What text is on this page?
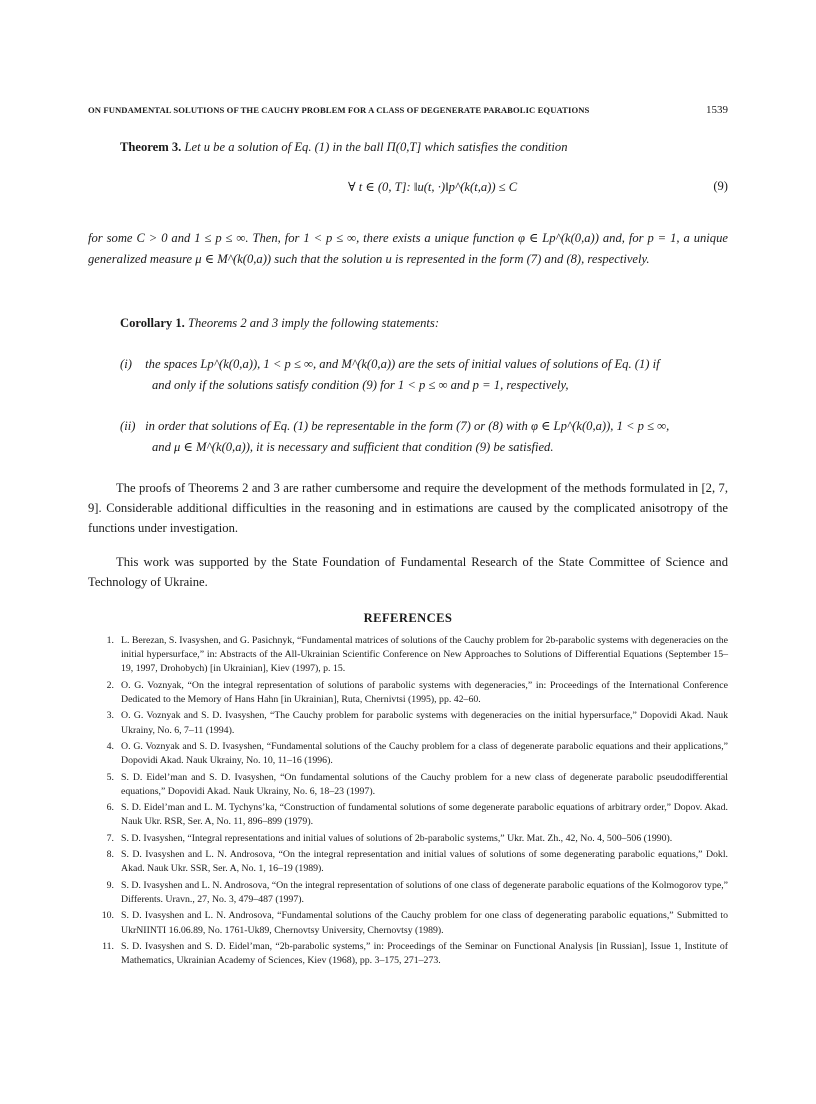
ON FUNDAMENTAL SOLUTIONS OF THE CAUCHY PROBLEM FOR A CLASS OF DEGENERATE PARABOLIC EQUATIONS	1539
Theorem 3. Let u be a solution of Eq. (1) in the ball Π(0,T] which satisfies the condition
∀ t ∈ (0, T]: ‖u(t, ·)‖p^(k(t,a)) ≤ C	(9)
for some C > 0 and 1 ≤ p ≤ ∞. Then, for 1 < p ≤ ∞, there exists a unique function φ ∈ Lp^(k(0,a)) and, for p = 1, a unique generalized measure μ ∈ M^(k(0,a)) such that the solution u is represented in the form (7) and (8), respectively.
Corollary 1. Theorems 2 and 3 imply the following statements:
(i) the spaces Lp^(k(0,a)), 1 < p ≤ ∞, and M^(k(0,a)) are the sets of initial values of solutions of Eq. (1) if
and only if the solutions satisfy condition (9) for 1 < p ≤ ∞ and p = 1, respectively,
(ii) in order that solutions of Eq. (1) be representable in the form (7) or (8) with φ ∈ Lp^(k(0,a)), 1 < p ≤ ∞,
and μ ∈ M^(k(0,a)), it is necessary and sufficient that condition (9) be satisfied.
The proofs of Theorems 2 and 3 are rather cumbersome and require the development of the methods formulated in [2, 7, 9]. Considerable additional difficulties in the reasoning and in estimations are caused by the complicated anisotropy of the functions under investigation.
This work was supported by the State Foundation of Fundamental Research of the State Committee of Science and Technology of Ukraine.
REFERENCES
1. L. Berezan, S. Ivasyshen, and G. Pasichnyk, “Fundamental matrices of solutions of the Cauchy problem for 2b-parabolic systems with degeneracies on the initial hypersurface,” in: Abstracts of the All-Ukrainian Scientific Conference on New Approaches to Solutions of Differential Equations (September 15–19, 1997, Drohobych) [in Ukrainian], Kiev (1997), p. 15.
2. O. G. Voznyak, “On the integral representation of solutions of parabolic systems with degeneracies,” in: Proceedings of the International Conference Dedicated to the Memory of Hans Hahn [in Ukrainian], Ruta, Chernivtsi (1995), pp. 42–60.
3. O. G. Voznyak and S. D. Ivasyshen, “The Cauchy problem for parabolic systems with degeneracies on the initial hypersurface,” Dopovidi Akad. Nauk Ukrainy, No. 6, 7–11 (1994).
4. O. G. Voznyak and S. D. Ivasyshen, “Fundamental solutions of the Cauchy problem for a class of degenerate parabolic equations and their applications,” Dopovidi Akad. Nauk Ukrainy, No. 10, 11–16 (1996).
5. S. D. Eidel’man and S. D. Ivasyshen, “On fundamental solutions of the Cauchy problem for a new class of degenerate parabolic pseudodifferential equations,” Dopovidi Akad. Nauk Ukrainy, No. 6, 18–23 (1997).
6. S. D. Eidel’man and L. M. Tychyns’ka, “Construction of fundamental solutions of some degenerate parabolic equations of arbitrary order,” Dopov. Akad. Nauk Ukr. RSR, Ser. A, No. 11, 896–899 (1979).
7. S. D. Ivasyshen, “Integral representations and initial values of solutions of 2b-parabolic systems,” Ukr. Mat. Zh., 42, No. 4, 500–506 (1990).
8. S. D. Ivasyshen and L. N. Androsova, “On the integral representation and initial values of solutions of some degenerating parabolic equations,” Dokl. Akad. Nauk Ukr. SSR, Ser. A, No. 1, 16–19 (1989).
9. S. D. Ivasyshen and L. N. Androsova, “On the integral representation of solutions of one class of degenerate parabolic equations of the Kolmogorov type,” Differents. Uravn., 27, No. 3, 479–487 (1997).
10. S. D. Ivasyshen and L. N. Androsova, “Fundamental solutions of the Cauchy problem for one class of degenerating parabolic equations,” Submitted to UkrNIINTI 16.06.89, No. 1761-Uk89, Chernovtsy University, Chernovtsy (1989).
11. S. D. Ivasyshen and S. D. Eidel’man, “2b-parabolic systems,” in: Proceedings of the Seminar on Functional Analysis [in Russian], Issue 1, Institute of Mathematics, Ukrainian Academy of Sciences, Kiev (1968), pp. 3–175, 271–273.
